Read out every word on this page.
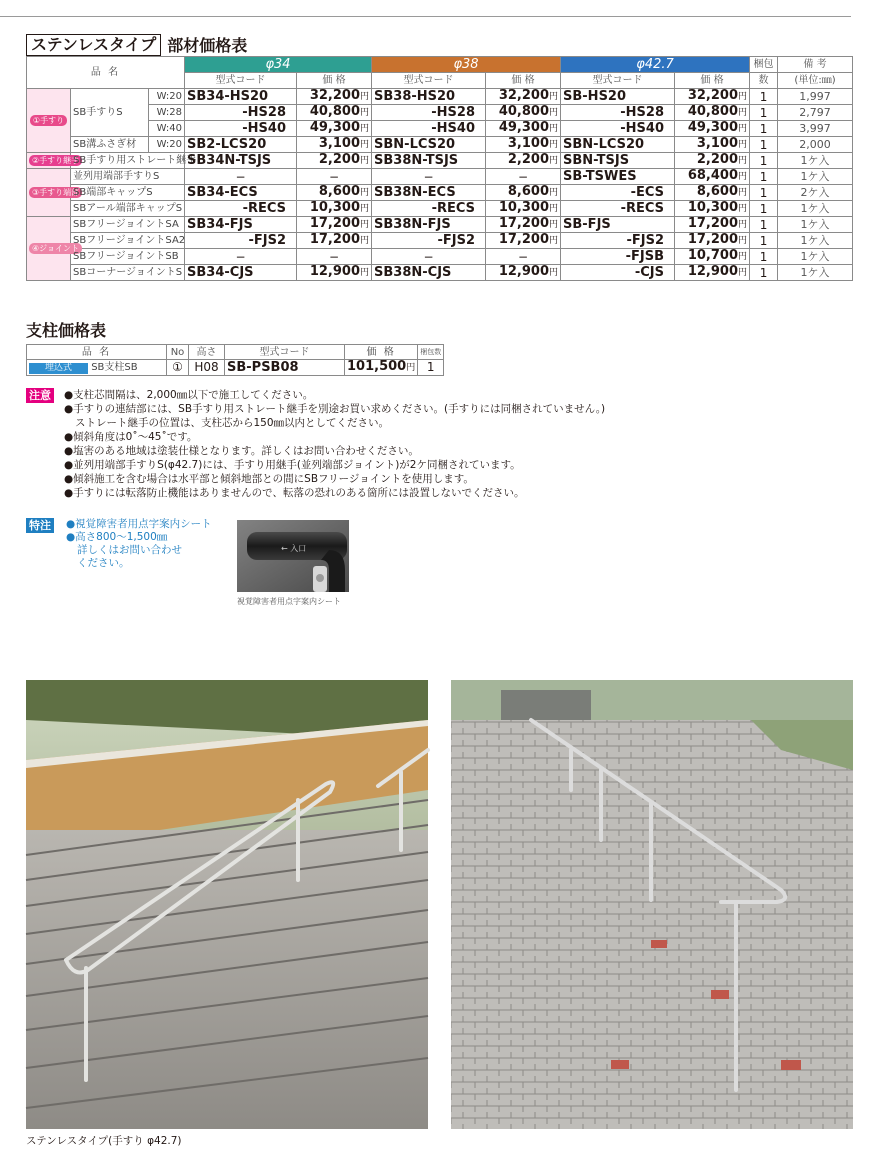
ステンレスタイプ 部材価格表
品 名			φ34		φ38		φ42.7		梱包	備 考
			型式コード	価 格	型式コード	価 格	型式コード	価 格	数	(単位:㎜)
①手すり	SB手すりS	W:20	SB34-HS20	32,200円	SB38-HS20	32,200円	SB-HS20	32,200円	1	1,997
		W:28	-HS28	40,800円	-HS28	40,800円	-HS28	40,800円	1	2,797
		W:40	-HS40	49,300円	-HS40	49,300円	-HS40	49,300円	1	3,997
	SB溝ふさぎ材	W:20	SB2-LCS20	3,100円	SBN-LCS20	3,100円	SBN-LCS20	3,100円	1	2,000
②手すり継手	SB手すり用ストレート継手		SB34N-TSJS	2,200円	SB38N-TSJS	2,200円	SBN-TSJS	2,200円	1	1ケ入
③手すり端部	並列用端部手すりS		−	−	−	−	SB-TSWES	68,400円	1	1ケ入
	SB端部キャップS		SB34-ECS	8,600円	SB38N-ECS	8,600円	-ECS	8,600円	1	2ケ入
	SBアール端部キャップS		-RECS	10,300円	-RECS	10,300円	-RECS	10,300円	1	1ケ入
④ジョイント	SBフリージョイントSA		SB34-FJS	17,200円	SB38N-FJS	17,200円	SB-FJS	17,200円	1	1ケ入
	SBフリージョイントSA2		-FJS2	17,200円	-FJS2	17,200円	-FJS2	17,200円	1	1ケ入
	SBフリージョイントSB		−	−	−	−	-FJSB	10,700円	1	1ケ入
	SBコーナージョイントS		SB34-CJS	12,900円	SB38N-CJS	12,900円	-CJS	12,900円	1	1ケ入
支柱価格表
品 名	No	高さ	型式コード	価 格	梱包数
埋込式 SB支柱SB	①	H08	SB-PSB08	101,500円	1
注意 ●支柱芯間隔は、2,000㎜以下で施工してください。
●手すりの連結部には、SB手すり用ストレート継手を別途お買い求めください。(手すりには同梱されていません。)
ストレート継手の位置は、支柱芯から150㎜以内としてください。
●傾斜角度は0˚〜45˚です。
●塩害のある地域は塗装仕様となります。詳しくはお問い合わせください。
●並列用端部手すりS(φ42.7)には、手すり用継手(並列端部ジョイント)が2ケ同梱されています。
●傾斜施工を含む場合は水平部と傾斜地部との間にSBフリージョイントを使用します。
●手すりには転落防止機能はありませんので、転落の恐れのある箇所には設置しないでください。
特注 ●視覚障害者用点字案内シート
●高さ800〜1,500㎜
詳しくはお問い合わせ
ください。
← 入口
視覚障害者用点字案内シート
ステンレスタイプ(手すり φ42.7)
